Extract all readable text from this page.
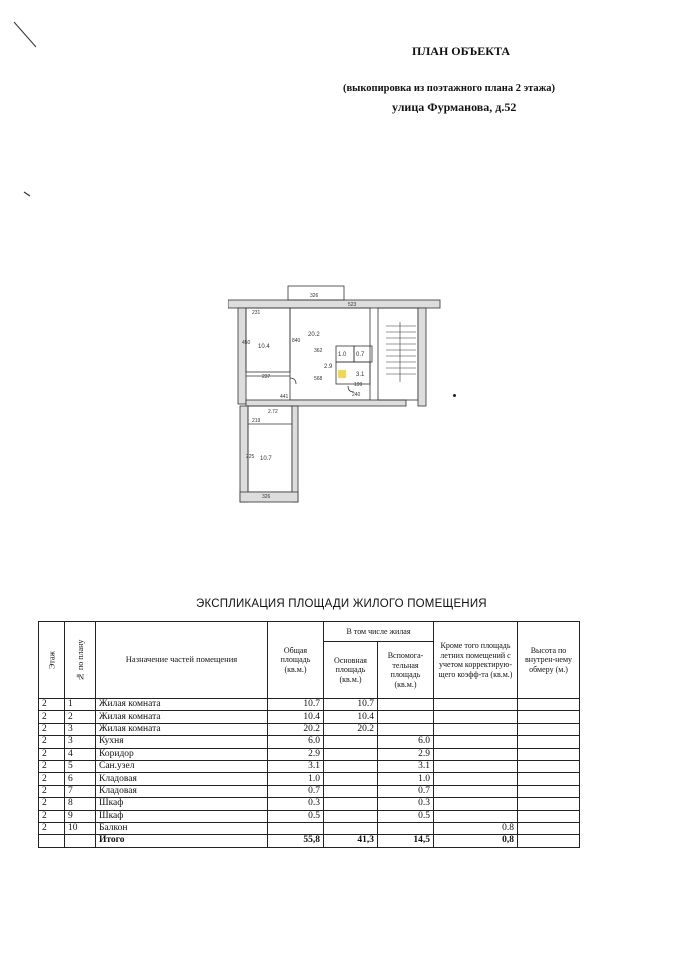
ПЛАН ОБЪЕКТА
(выкопировка из поэтажного плана 2 этажа)
улица Фурманова, д.52
326
523
231
450	840
362
568
237
441	240
199
2.72
219
225
326
10.4
20.2
10.7
1.0 0.7
2.9
3.1
ЭКСПЛИКАЦИЯ ПЛОЩАДИ ЖИЛОГО ПОМЕЩЕНИЯ
Этаж	№ по плану	Назначение частей помещения	Общая площадь (кв.м.)	В том числе жилая		Кроме того площадь летних помещений с учетом корректирую-щего коэфф-та (кв.м.)	Высота по внутрен-нему обмеру (м.)
				Основная площадь (кв.м.)	Вспомога-тельная площадь (кв.м.)		
2	1	Жилая комната	10.7	10.7			
2	2	Жилая комната	10.4	10.4			
2	3	Жилая комната	20.2	20.2			
2	3	Кухня	6.0		6.0		
2	4	Коридор	2.9		2.9		
2	5	Сан.узел	3.1		3.1		
2	6	Кладовая	1.0		1.0		
2	7	Кладовая	0.7		0.7		
2	8	Шкаф	0.3		0.3		
2	9	Шкаф	0.5		0.5		
2	10	Балкон				0.8	
		Итого	55,8	41,3	14,5	0,8	
